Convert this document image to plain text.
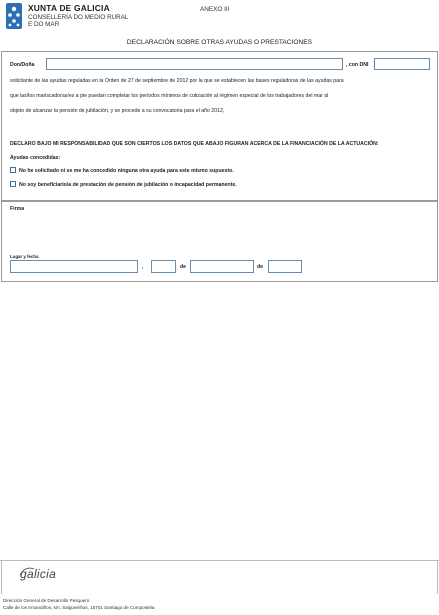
XUNTA DE GALICIA
CONSELLERÍA DO MEDIO RURAL
E DO MAR
ANEXO III
DECLARACIÓN SOBRE OTRAS AYUDAS O PRESTACIONES
Don/Doña	, con DNI
solicitante de las ayudas reguladas en la Orden de 27 de septiembre de 2012 por la que se establecen las bases reguladoras de las ayudas para
que las/los mariscadoras/es a pie puedan completar los períodos mínimos de cotización al régimen especial de los trabajadores del mar al
objeto de alcanzar la pensión de jubilación, y se procede a su convocatoria para el año 2012,
DECLARO BAJO MI RESPONSABILIDAD QUE SON CIERTOS LOS DATOS QUE ABAJO FIGURAN ACERCA DE LA FINANCIACIÓN DE LA ACTUACIÓN:
Ayudas concedidas:
No he solicitado ni se me ha concedido ninguna otra ayuda para este mismo supuesto.
No soy beneficiario/a de prestación de pensión de jubilación o incapacidad permanente.
Firma
Lugar y fecha
,	de	de
galicia
Dirección General de Desarrollo Pesquero
Calle de los Irmandiños, s/n, Salgueiriños, 15701 Santiago de Compostela
